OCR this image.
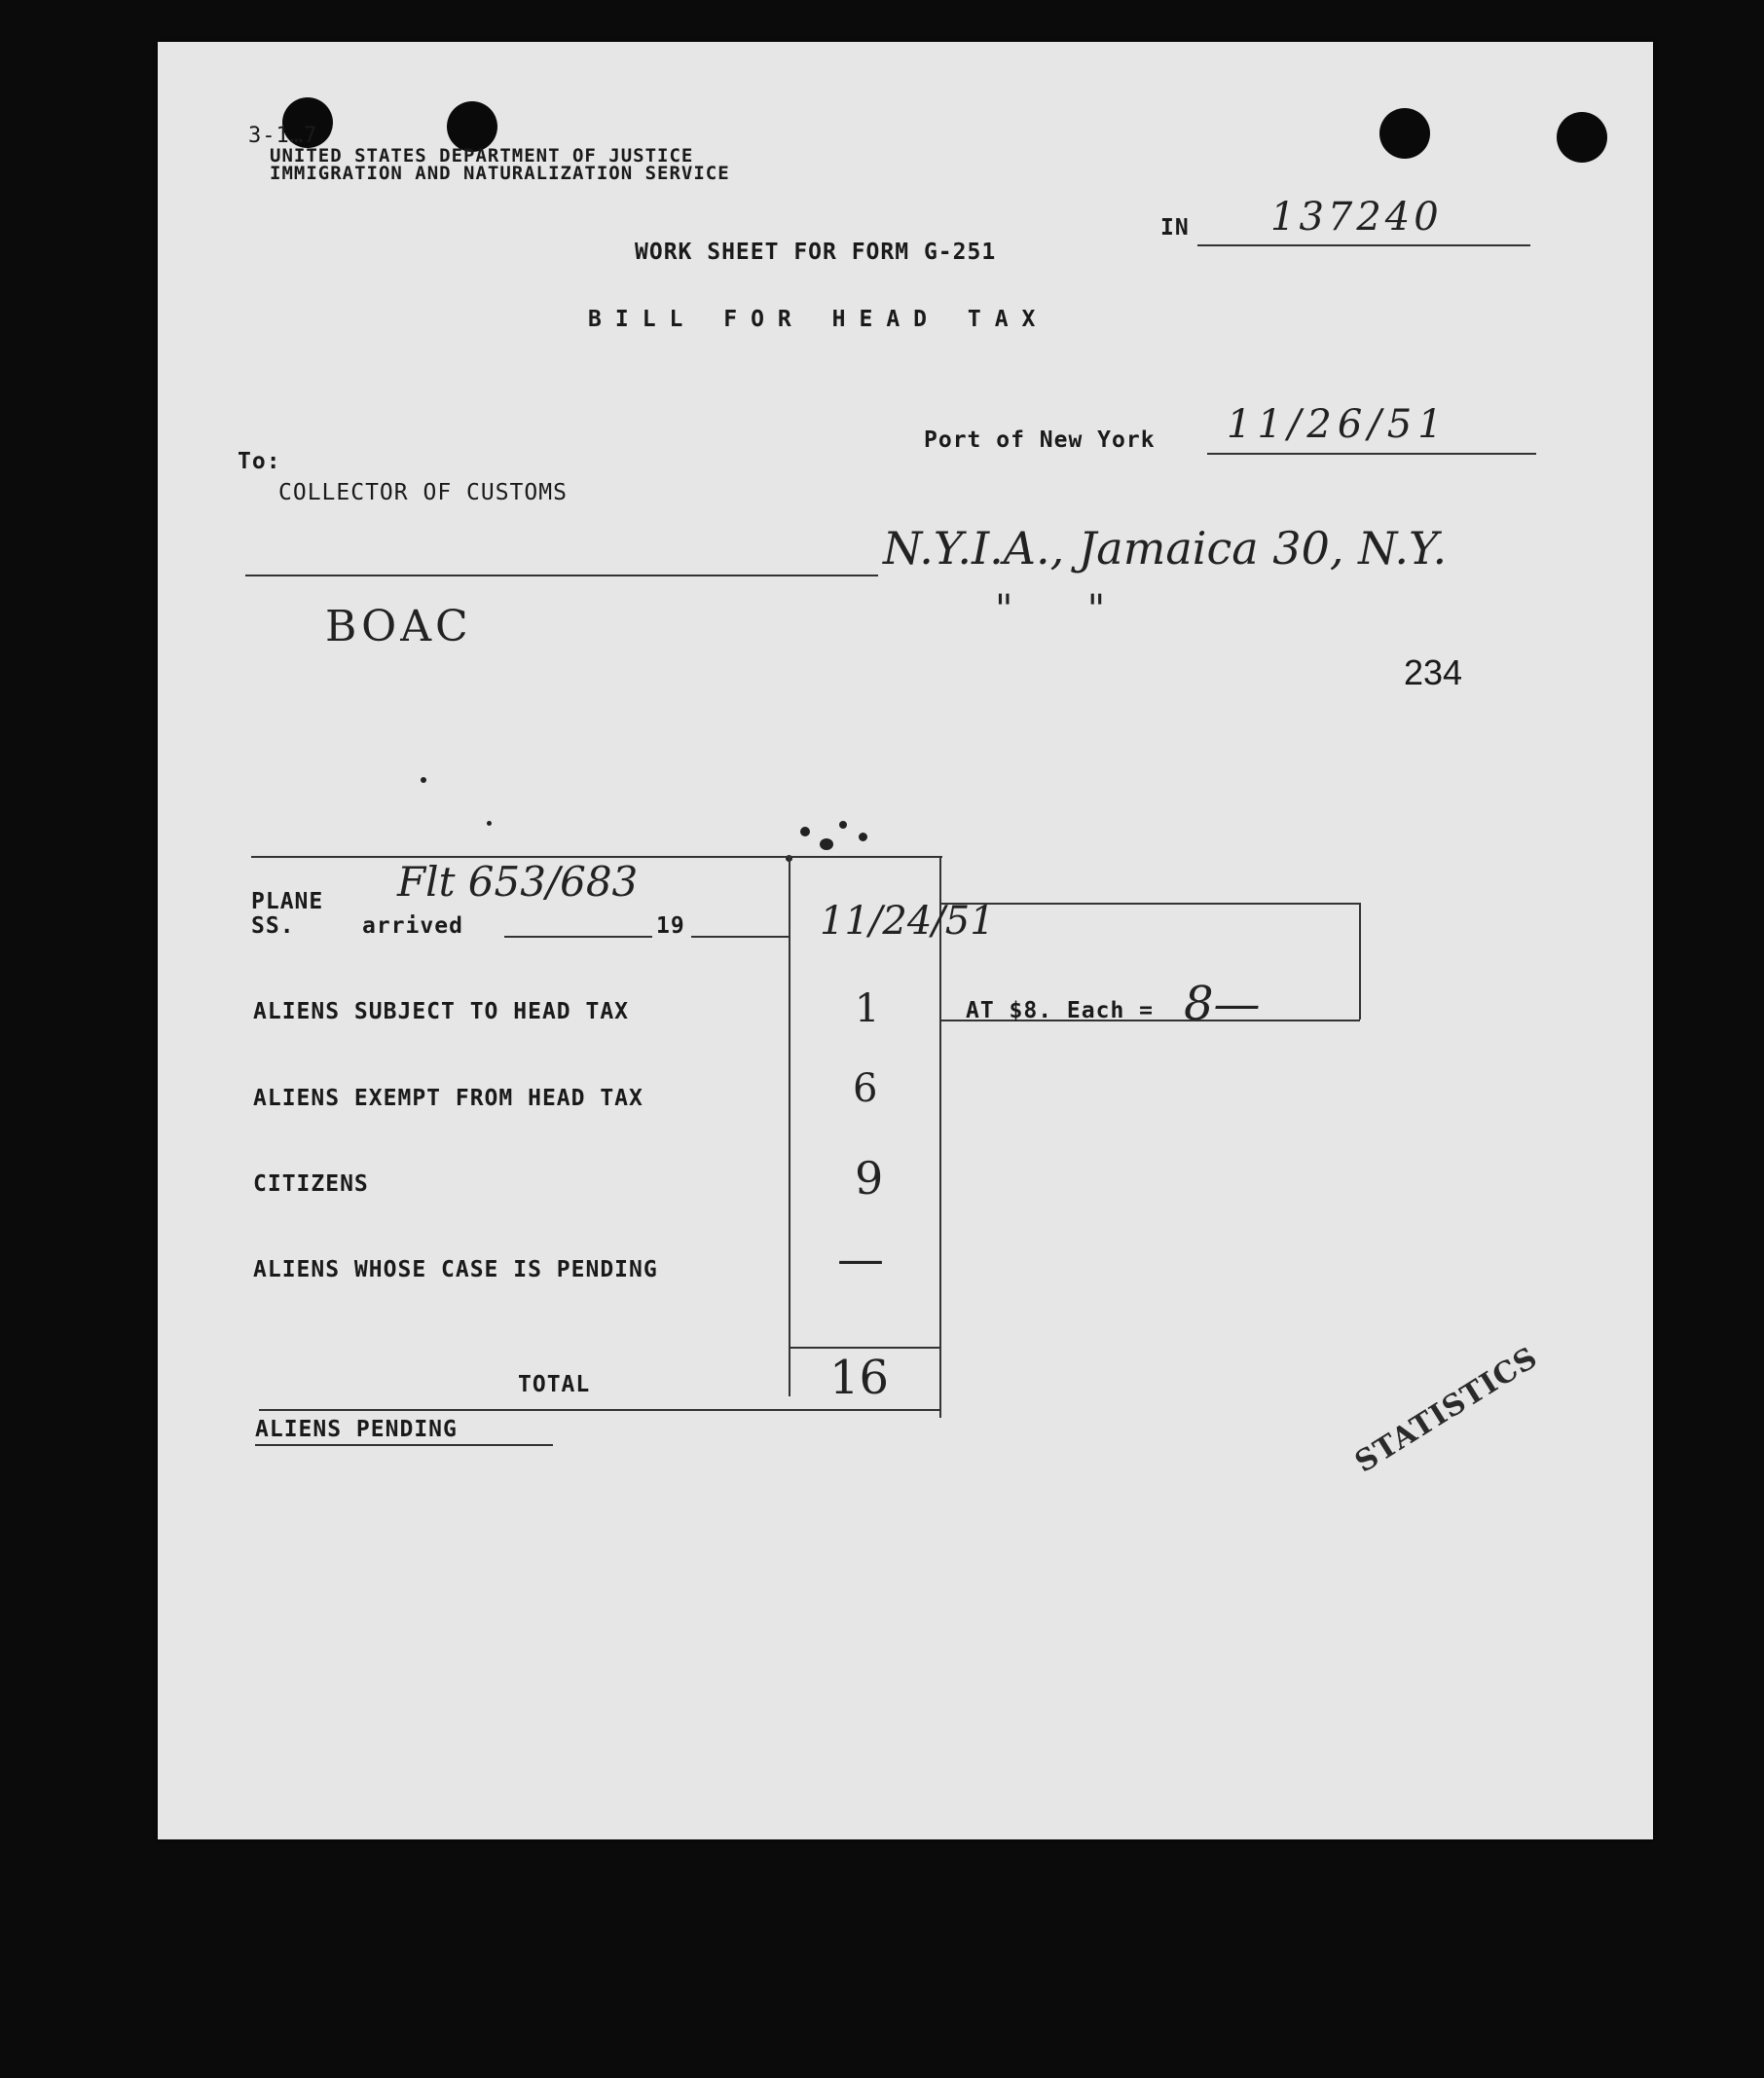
3-1…7
UNITED STATES DEPARTMENT OF JUSTICE
IMMIGRATION AND NATURALIZATION SERVICE
IN 137240
WORK SHEET FOR FORM G-251
BILL FOR HEAD TAX
Port of New York 11/26/51
To:
COLLECTOR OF CUSTOMS
N.Y.I.A., Jamaica 30, N.Y.
"      "
BOAC
234
PLANE
SS.	arrived	19
Flt 653/683
11/24/51
ALIENS SUBJECT TO HEAD TAX	1	AT $8. Each = 8—
ALIENS EXEMPT FROM HEAD TAX	6
CITIZENS	9
ALIENS WHOSE CASE IS PENDING	—
TOTAL	16
ALIENS PENDING	STATISTICS
